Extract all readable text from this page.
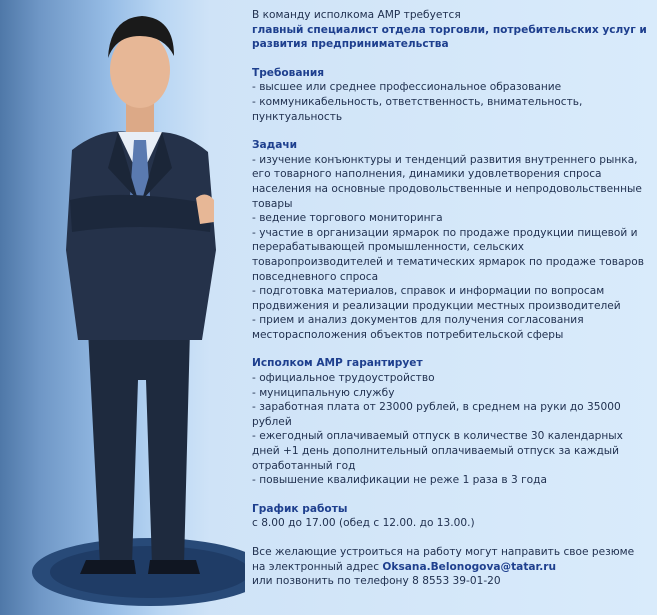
В команду исполкома АМР требуется

главный специалист отдела торговли, потребительских услуг и развития предпринимательства

Требования

- высшее или среднее профессиональное образование

- коммуникабельность, ответственность, внимательность, пунктуальность

Задачи

- изучение конъюнктуры и тенденций развития внутреннего рынка, его товарного наполнения, динамики удовлетворения спроса населения на основные продовольственные и непродовольственные товары

- ведение торгового мониторинга

- участие в организации ярмарок по продаже продукции пищевой и перерабатывающей промышленности, сельских товаропроизводителей и тематических ярмарок по продаже товаров повседневного спроса

- подготовка материалов, справок и информации по вопросам продвижения и реализации продукции местных производителей

- прием и анализ документов для получения согласования месторасположения объектов потребительской сферы

Исполком АМР гарантирует

- официальное трудоустройство

- муниципальную службу

- заработная плата от 23000 рублей, в среднем на руки до 35000 рублей

- ежегодный оплачиваемый отпуск в количестве 30 календарных дней +1 день дополнительный оплачиваемый отпуск за каждый отработанный год

- повышение квалификации не реже 1 раза в 3 года

График работы

с 8.00 до 17.00 (обед с 12.00. до 13.00.)

Все желающие устроиться на работу могут направить свое резюме

на электронный адрес Oksana.Belonogova@tatar.ru

или позвонить по телефону 8 8553 39-01-20
